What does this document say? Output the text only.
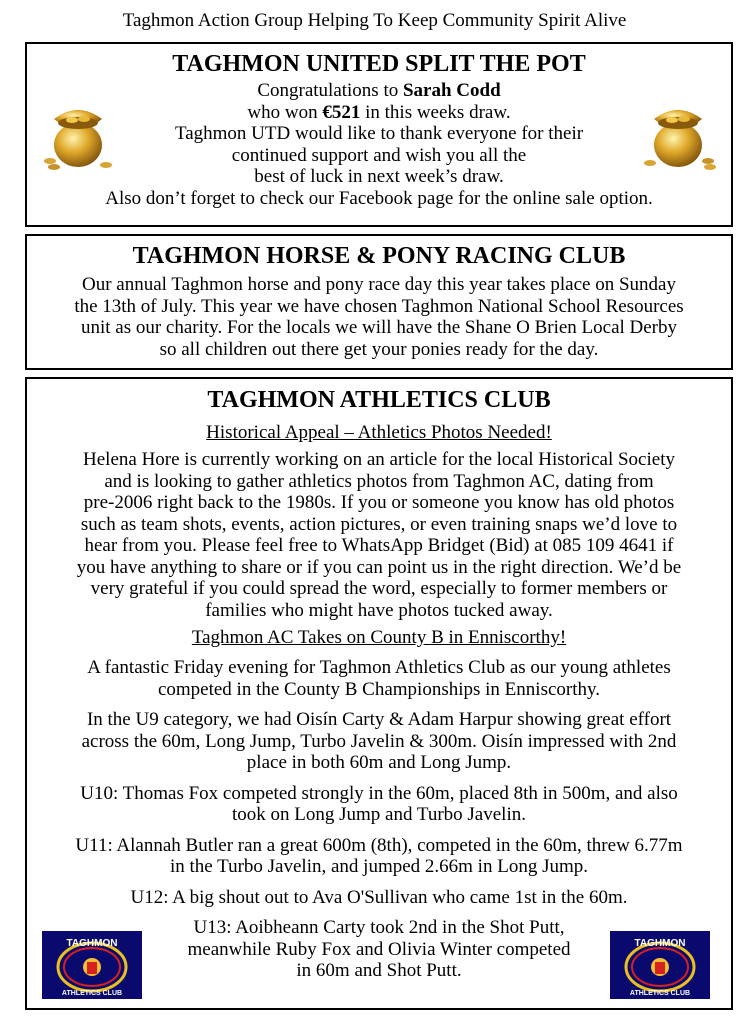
Taghmon Action Group Helping To Keep Community Spirit Alive
TAGHMON UNITED SPLIT THE POT
Congratulations to Sarah Codd
who won €521 in this weeks draw.
Taghmon UTD would like to thank everyone for their
continued support and wish you all the
best of luck in next week’s draw.
Also don’t forget to check our Facebook page for the online sale option.
TAGHMON HORSE & PONY RACING CLUB
Our annual Taghmon horse and pony race day this year takes place on Sunday
the 13th of July. This year we have chosen Taghmon National School Resources
unit as our charity. For the locals we will have the Shane O Brien Local Derby
so all children out there get your ponies ready for the day.
TAGHMON ATHLETICS CLUB
Historical Appeal – Athletics Photos Needed!
Helena Hore is currently working on an article for the local Historical Society
and is looking to gather athletics photos from Taghmon AC, dating from
pre-2006 right back to the 1980s. If you or someone you know has old photos
such as team shots, events, action pictures, or even training snaps we’d love to
hear from you. Please feel free to WhatsApp Bridget (Bid) at 085 109 4641 if
you have anything to share or if you can point us in the right direction. We’d be
very grateful if you could spread the word, especially to former members or
families who might have photos tucked away.
Taghmon AC Takes on County B in Enniscorthy!
A fantastic Friday evening for Taghmon Athletics Club as our young athletes
competed in the County B Championships in Enniscorthy.
In the U9 category, we had Oisín Carty & Adam Harpur showing great effort
across the 60m, Long Jump, Turbo Javelin & 300m. Oisín impressed with 2nd
place in both 60m and Long Jump.
U10: Thomas Fox competed strongly in the 60m, placed 8th in 500m, and also
took on Long Jump and Turbo Javelin.
U11: Alannah Butler ran a great 600m (8th), competed in the 60m, threw 6.77m
in the Turbo Javelin, and jumped 2.66m in Long Jump.
U12: A big shout out to Ava O'Sullivan who came 1st in the 60m.
U13: Aoibheann Carty took 2nd in the Shot Putt,
meanwhile Ruby Fox and Olivia Winter competed
in 60m and Shot Putt.
TAGHMON
ATHLETICS CLUB
TAGHMON
ATHLETICS CLUB
